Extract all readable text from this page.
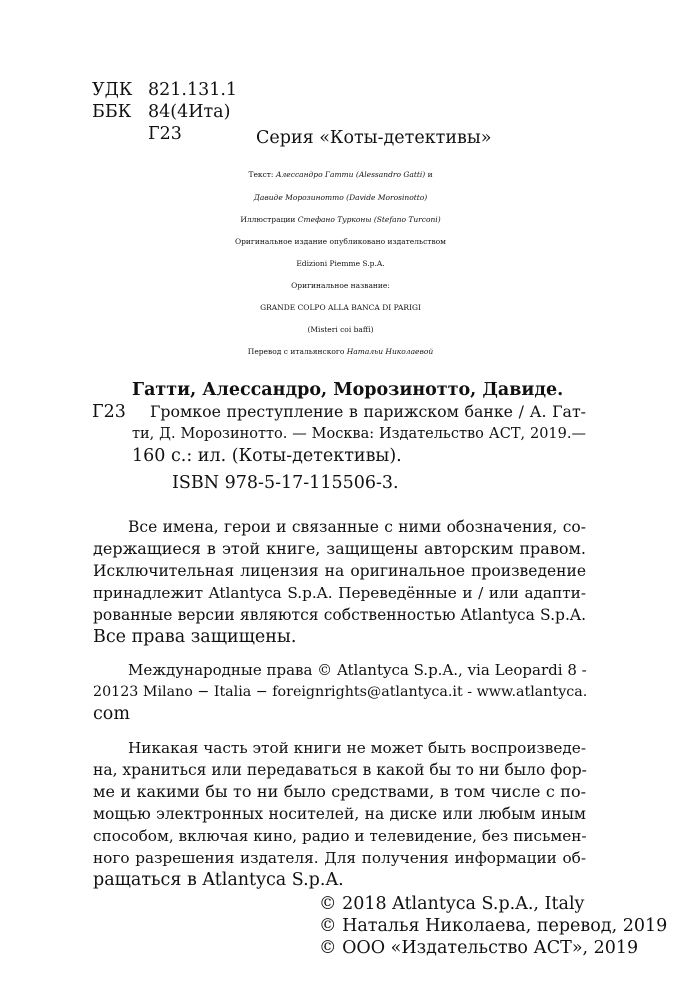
УДК 821.131.1
ББК 84(4Ита)
Г23	Серия «Коты-детективы»
Текст: Алессандро Гатти (Alessandro Gatti) и
Давиде Морозинотто (Davide Morosinotto)
Иллюстрации Стефано Турконы (Stefano Turconi)
Оригинальное издание опубликовано издательством
Edizioni Piemme S.p.A.
Оригинальное название:
GRANDE COLPO ALLA BANCA DI PARIGI
(Misteri coi baffi)
Перевод с итальянского Натальи Николаевой
Гатти, Алессандро, Морозинотто, Давиде.
Г23 Громкое преступление в парижском банке / А. Гат-
ти, Д. Морозинотто. — Москва: Издательство АСТ, 2019.—
160 с.: ил. (Коты-детективы).
ISBN 978-5-17-115506-3.
Все имена, герои и связанные с ними обозначения, со-
держащиеся в этой книге, защищены авторским правом.
Исключительная лицензия на оригинальное произведение
принадлежит Atlantyca S.p.A. Переведённые и / или адапти-
рованные версии являются собственностью Atlantyca S.p.A.
Все права защищены.
Международные права © Atlantyca S.p.A., via Leopardi 8 -
20123 Milano − Italia − foreignrights@atlantyca.it - www.atlantyca.
com
Никакая часть этой книги не может быть воспроизведе-
на, храниться или передаваться в какой бы то ни было фор-
ме и какими бы то ни было средствами, в том числе с по-
мощью электронных носителей, на диске или любым иным
способом, включая кино, радио и телевидение, без письмен-
ного разрешения издателя. Для получения информации об-
ращаться в Atlantyca S.p.A.
© 2018 Atlantyca S.p.A., Italy
© Наталья Николаева, перевод, 2019
© ООО «Издательство АСТ», 2019
